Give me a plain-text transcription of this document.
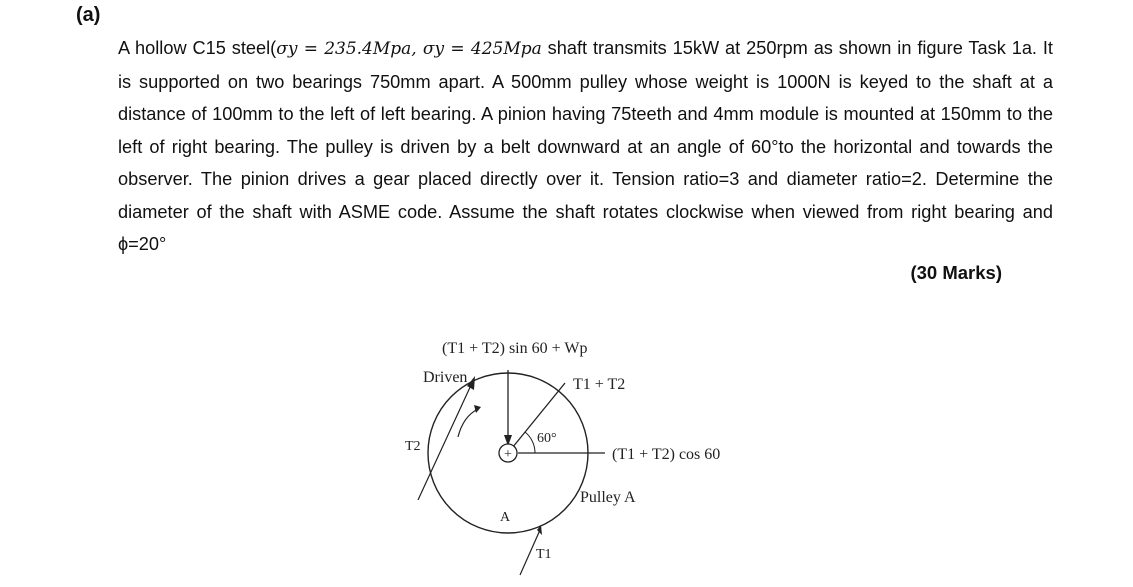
(a)

A hollow C15 steel(σy = 235.4Mpa, σy = 425Mpa shaft transmits 15kW at 250rpm as shown in figure Task 1a. It is supported on two bearings 750mm apart. A 500mm pulley whose weight is 1000N is keyed to the shaft at a distance of 100mm to the left of left bearing. A pinion having 75teeth and 4mm module is mounted at 150mm to the left of right bearing. The pulley is driven by a belt downward at an angle of 60°to the horizontal and towards the observer. The pinion drives a gear placed directly over it. Tension ratio=3 and diameter ratio=2. Determine the diameter of the shaft with ASME code. Assume the shaft rotates clockwise when viewed from right bearing and ϕ=20°

(30 Marks)
+
(T1 + T2) sin 60 + Wp
Driven	T1 + T2
60°
(T1 + T2) cos 60
Pulley A
A
T1
T2
